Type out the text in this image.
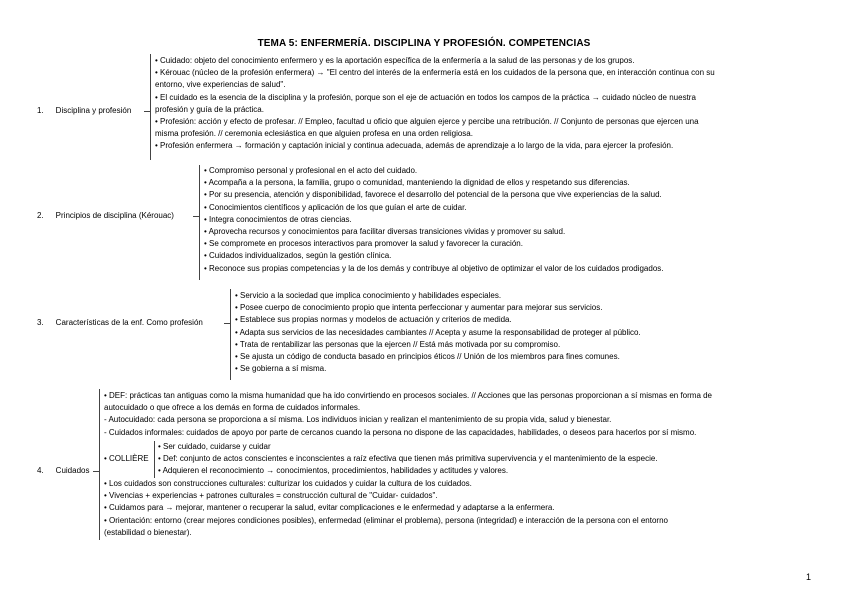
TEMA 5: ENFERMERÍA. DISCIPLINA Y PROFESIÓN. COMPETENCIAS
1. Disciplina y profesión
• Cuidado: objeto del conocimiento enfermero y es la aportación específica de la enfermería a la salud de las personas y de los grupos.
• Kérouac (núcleo de la profesión enfermera) → "El centro del interés de la enfermería está en los cuidados de la persona que, en interacción continua con su
entorno, vive experiencias de salud".
• El cuidado es la esencia de la disciplina y la profesión, porque son el eje de actuación en todos los campos de la práctica → cuidado núcleo de nuestra
profesión y guía de la práctica.
• Profesión: acción y efecto de profesar. // Empleo, facultad u oficio que alguien ejerce y percibe una retribución. // Conjunto de personas que ejercen una
misma profesión. // ceremonia eclesiástica en que alguien profesa en una orden religiosa.
• Profesión enfermera → formación y captación inicial y continua adecuada, además de aprendizaje a lo largo de la vida, para ejercer la profesión.
2. Principios de disciplina (Kérouac)
• Compromiso personal y profesional en el acto del cuidado.
• Acompaña a la persona, la familia, grupo o comunidad, manteniendo la dignidad de ellos y respetando sus diferencias.
• Por su presencia, atención y disponibilidad, favorece el desarrollo del potencial de la persona que vive experiencias de la salud.
• Conocimientos científicos y aplicación de los que guían el arte de cuidar.
• Integra conocimientos de otras ciencias.
• Aprovecha recursos y conocimientos para facilitar diversas transiciones vividas y promover su salud.
• Se compromete en procesos interactivos para promover la salud y favorecer la curación.
• Cuidados individualizados, según la gestión clínica.
• Reconoce sus propias competencias y la de los demás y contribuye al objetivo de optimizar el valor de los cuidados prodigados.
3. Características de la enf. Como profesión
• Servicio a la sociedad que implica conocimiento y habilidades especiales.
• Posee cuerpo de conocimiento propio que intenta perfeccionar y aumentar para mejorar sus servicios.
• Establece sus propias normas y modelos de actuación y criterios de medida.
• Adapta sus servicios de las necesidades cambiantes // Acepta y asume la responsabilidad de proteger al público.
• Trata de rentabilizar las personas que la ejercen // Está más motivada por su compromiso.
• Se ajusta un código de conducta basado en principios éticos // Unión de los miembros para fines comunes.
• Se gobierna a sí misma.
4. Cuidados
• DEF: prácticas tan antiguas como la misma humanidad que ha ido convirtiendo en procesos sociales. // Acciones que las personas proporcionan a sí mismas en forma de
autocuidado o que ofrece a los demás en forma de cuidados informales.
- Autocuidado: cada persona se proporciona a sí misma. Los individuos inician y realizan el mantenimiento de su propia vida, salud y bienestar.
- Cuidados informales: cuidados de apoyo por parte de cercanos cuando la persona no dispone de las capacidades, habilidades, o deseos para hacerlos por sí mismo.
• COLLIÈRE
• Ser cuidado, cuidarse y cuidar
• Def: conjunto de actos conscientes e inconscientes a raíz efectiva que tienen más primitiva supervivencia y el mantenimiento de la especie.
• Adquieren el reconocimiento → conocimientos, procedimientos, habilidades y actitudes y valores.
• Los cuidados son construcciones culturales: culturizar los cuidados y cuidar la cultura de los cuidados.
• Vivencias + experiencias + patrones culturales = construcción cultural de "Cuidar- cuidados".
• Cuidamos para → mejorar, mantener o recuperar la salud, evitar complicaciones e le enfermedad y adaptarse a la enfermera.
• Orientación: entorno (crear mejores condiciones posibles), enfermedad (eliminar el problema), persona (integridad) e interacción de la persona con el entorno
(estabilidad o bienestar).
1
